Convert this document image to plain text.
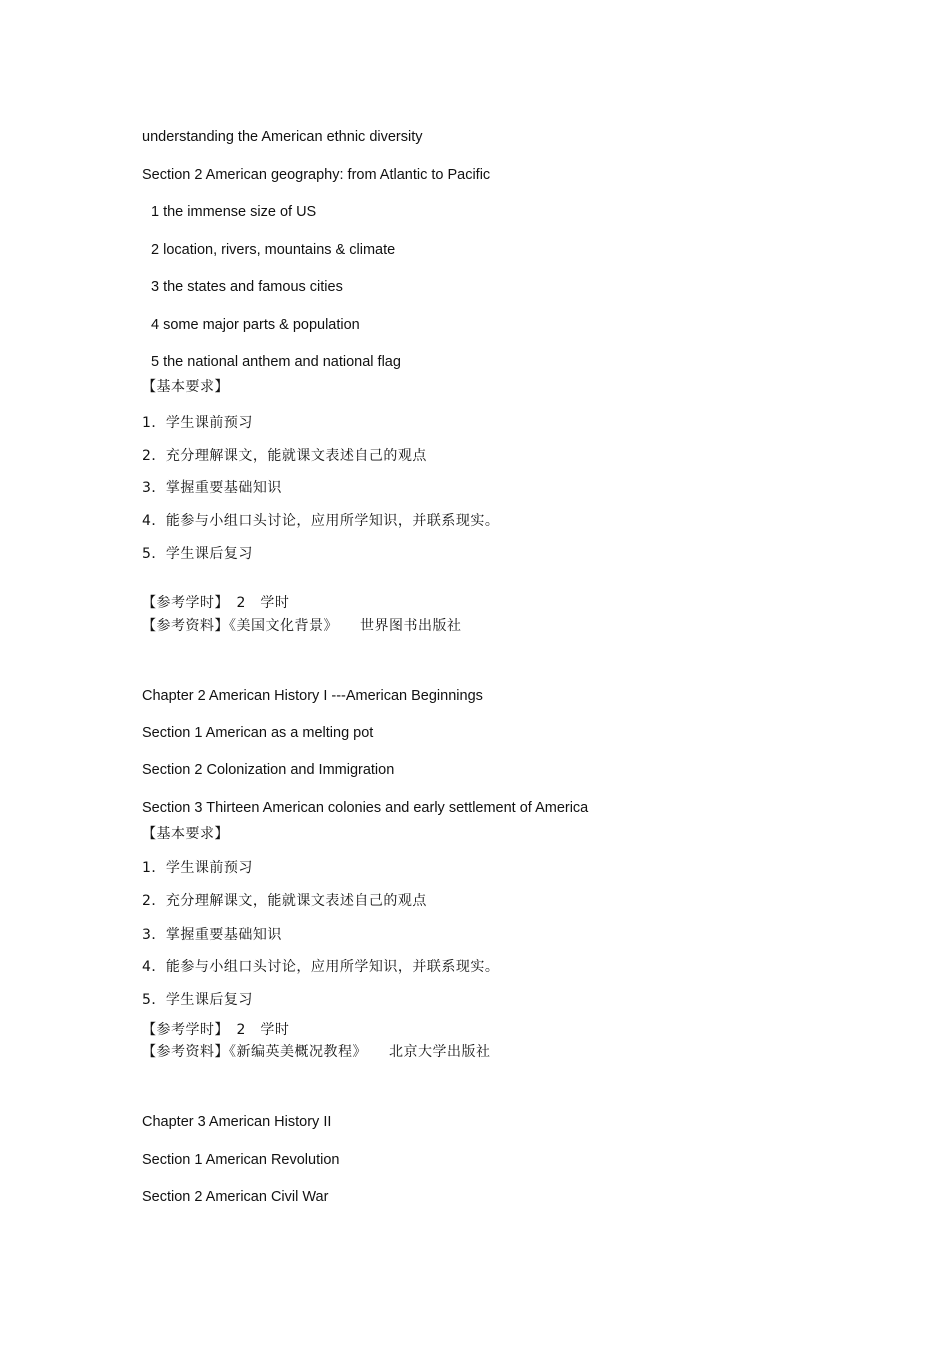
understanding the American ethnic diversity
Section 2 American geography: from Atlantic to Pacific
1 the immense size of US
2 location, rivers, mountains & climate
3 the states and famous cities
4 some major parts & population
5 the national anthem and national flag
【基本要求】
1．学生课前预习
2．充分理解课文，能就课文表述自己的观点
3．掌握重要基础知识
4．能参与小组口头讨论，应用所学知识，并联系现实。
5．学生课后复习
【参考学时】　2　学时
【参考资料】《美国文化背景》　　世界图书出版社
Chapter 2 American History I ---American Beginnings
Section 1 American as a melting pot
Section 2 Colonization and Immigration
Section 3 Thirteen American colonies and early settlement of America
【基本要求】
1．学生课前预习
2．充分理解课文，能就课文表述自己的观点
3．掌握重要基础知识
4．能参与小组口头讨论，应用所学知识，并联系现实。
5．学生课后复习
【参考学时】　2　学时
【参考资料】《新编英美概况教程》　　北京大学出版社
Chapter 3 American History II
Section 1 American Revolution
Section 2 American Civil War
